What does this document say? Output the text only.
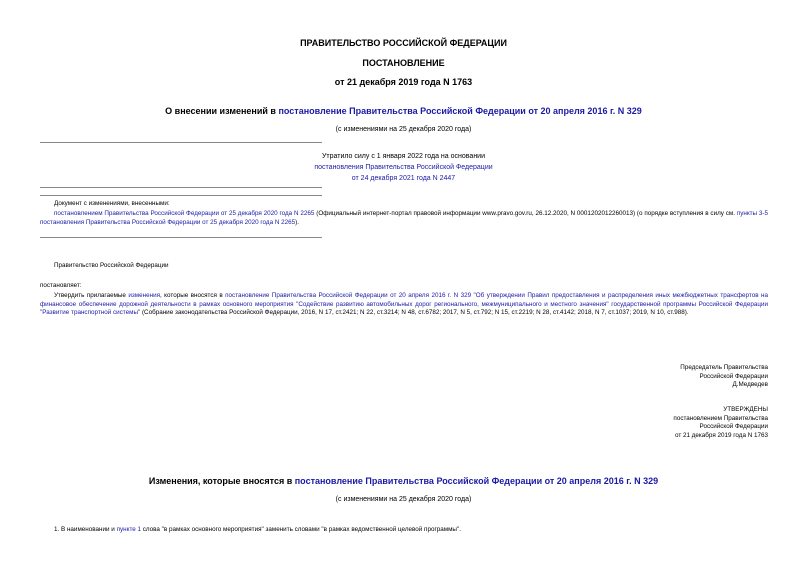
ПРАВИТЕЛЬСТВО РОССИЙСКОЙ ФЕДЕРАЦИИ
ПОСТАНОВЛЕНИЕ
от 21 декабря 2019 года N 1763
О внесении изменений в постановление Правительства Российской Федерации от 20 апреля 2016 г. N 329
(с изменениями на 25 декабря 2020 года)
Утратило силу с 1 января 2022 года на основании
постановления Правительства Российской Федерации
от 24 декабря 2021 года N 2447
Документ с изменениями, внесенными:
постановлением Правительства Российской Федерации от 25 декабря 2020 года N 2265 (Официальный интернет-портал правовой информации www.pravo.gov.ru, 26.12.2020, N 0001202012260013) (о порядке вступления в силу см. пункты 3-5 постановления Правительства Российской Федерации от 25 декабря 2020 года N 2265).
Правительство Российской Федерации
постановляет:
Утвердить прилагаемые изменения, которые вносятся в постановление Правительства Российской Федерации от 20 апреля 2016 г. N 329 "Об утверждении Правил предоставления и распределения иных межбюджетных трансфертов на финансовое обеспечение дорожной деятельности в рамках основного мероприятия "Содействие развитию автомобильных дорог регионального, межмуниципального и местного значения" государственной программы Российской Федерации "Развитие транспортной системы" (Собрание законодательства Российской Федерации, 2016, N 17, ст.2421; N 22, ст.3214; N 48, ст.6782; 2017, N 5, ст.792; N 15, ст.2219; N 28, ст.4142; 2018, N 7, ст.1037; 2019, N 10, ст.988).
Председатель Правительства
Российской Федерации
Д.Медведев
УТВЕРЖДЕНЫ
постановлением Правительства
Российской Федерации
от 21 декабря 2019 года N 1763
Изменения, которые вносятся в постановление Правительства Российской Федерации от 20 апреля 2016 г. N 329
(с изменениями на 25 декабря 2020 года)
1. В наименовании и пункте 1 слова "в рамках основного мероприятия" заменить словами "в рамках ведомственной целевой программы".
